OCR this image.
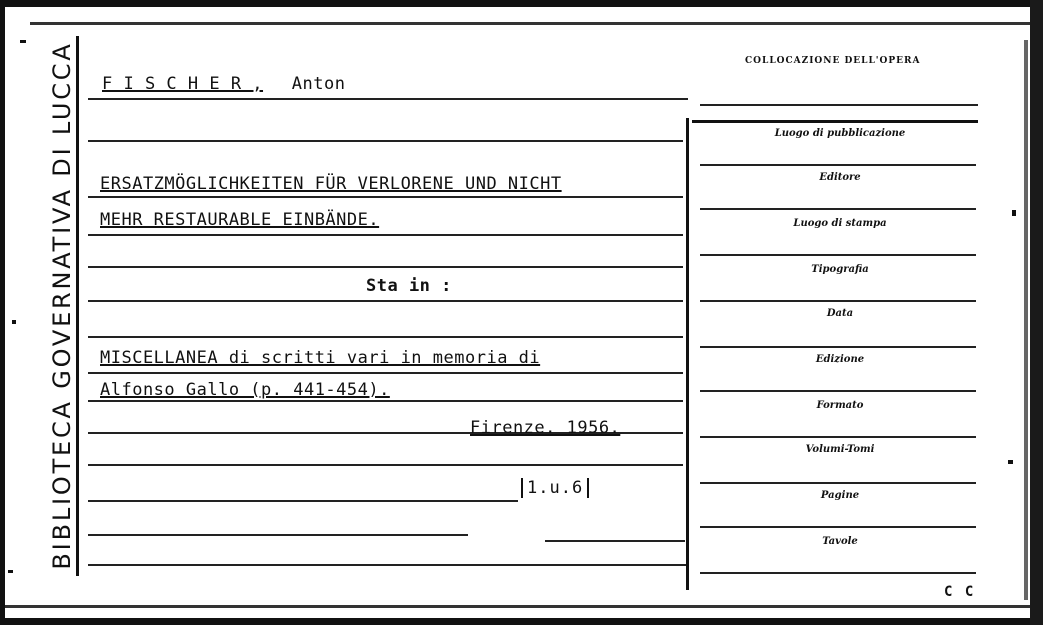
BIBLIOTECA GOVERNATIVA DI LUCCA F I S C H E R , Anton
ERSATZMÖGLICHKEITEN FÜR VERLORENE UND NICHT
MEHR RESTAURABLE EINBÄNDE.
Sta in :
MISCELLANEA di scritti vari in memoria di
Alfonso Gallo (p. 441-454).
Firenze. 1956.
1.u.6
COLLOCAZIONE DELL'OPERA
Luogo di pubblicazione
Editore
Luogo di stampa
Tipografia
Data
Edizione
Formato
Volumi-Tomi
Pagine
Tavole
C C
